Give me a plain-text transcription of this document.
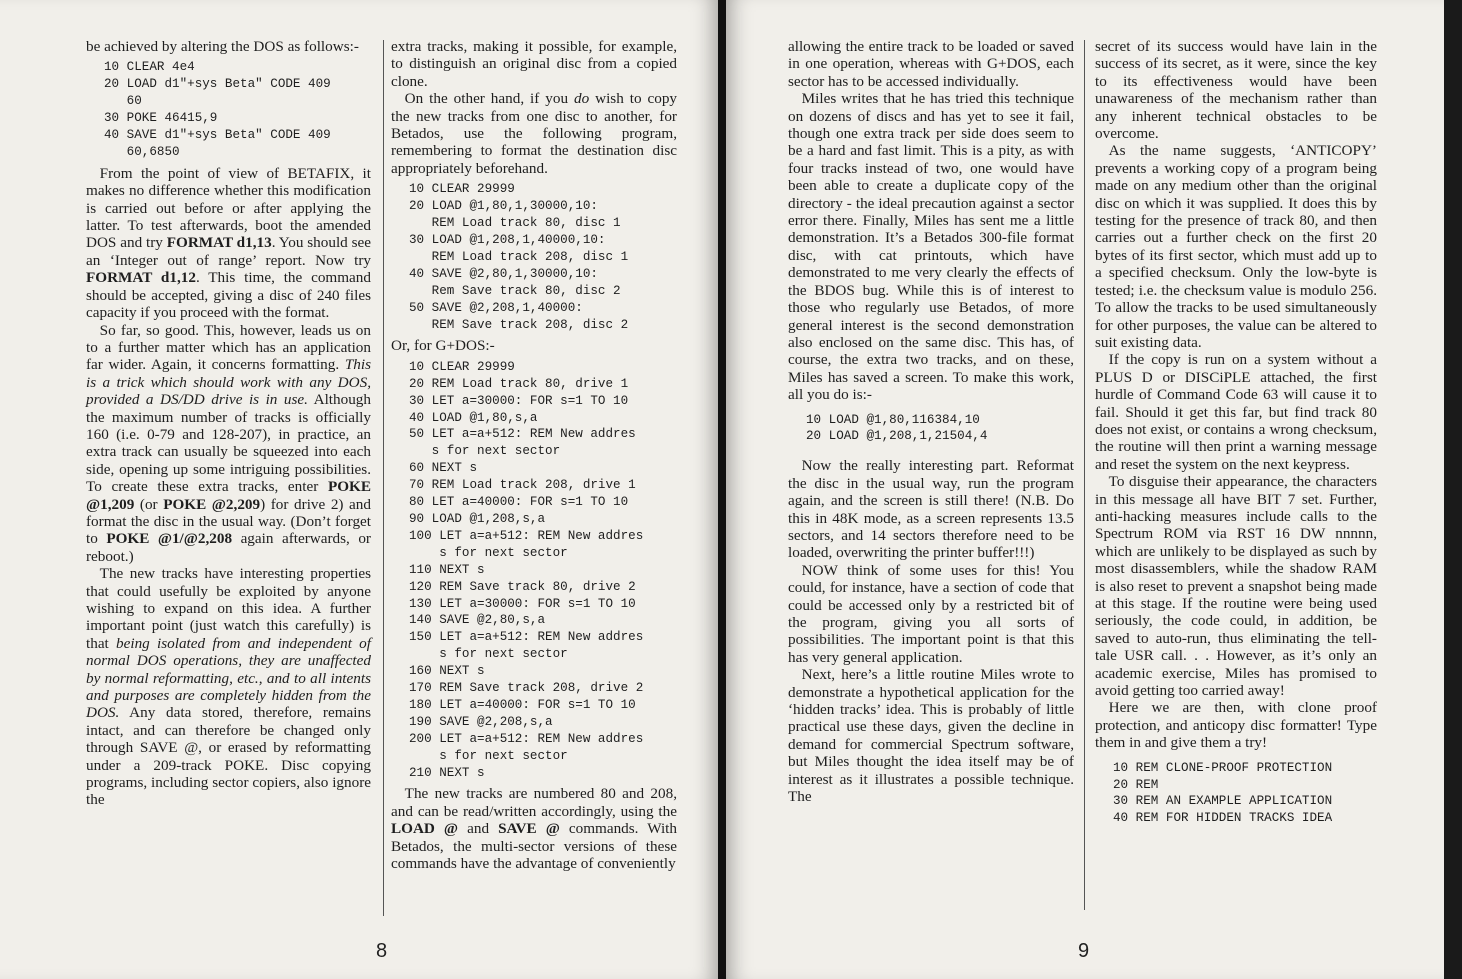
be achieved by altering the DOS as follows:-

10 CLEAR 4e4
20 LOAD d1"+sys Beta" CODE 409
60
30 POKE 46415,9
40 SAVE d1"+sys Beta" CODE 409
60,6850

From the point of view of BETAFIX, it makes no difference whether this modification is carried out before or after applying the latter. To test afterwards, boot the amended DOS and try FORMAT d1,13. You should see an ‘Integer out of range’ report. Now try FORMAT d1,12. This time, the command should be accepted, giving a disc of 240 files capacity if you proceed with the format.

So far, so good. This, however, leads us on to a further matter which has an application far wider. Again, it concerns formatting. This is a trick which should work with any DOS, provided a DS/DD drive is in use. Although the maximum number of tracks is officially 160 (i.e. 0-79 and 128-207), in practice, an extra track can usually be squeezed into each side, opening up some intriguing possibilities. To create these extra tracks, enter POKE @1,209 (or POKE @2,209) for drive 2) and format the disc in the usual way. (Don’t forget to POKE @1/@2,208 again afterwards, or reboot.)

The new tracks have interesting properties that could usefully be exploited by anyone wishing to expand on this idea. A further important point (just watch this carefully) is that being isolated from and independent of normal DOS operations, they are unaffected by normal reformatting, etc., and to all intents and purposes are completely hidden from the DOS. Any data stored, therefore, remains intact, and can therefore be changed only through SAVE @, or erased by reformatting under a 209-track POKE. Disc copying programs, including sector copiers, also ignore the

extra tracks, making it possible, for example, to distinguish an original disc from a copied clone.

On the other hand, if you do wish to copy the new tracks from one disc to another, for Betados, use the following program, remembering to format the destination disc appropriately beforehand.

10 CLEAR 29999
20 LOAD @1,80,1,30000,10:
REM Load track 80, disc 1
30 LOAD @1,208,1,40000,10:
REM Load track 208, disc 1
40 SAVE @2,80,1,30000,10:
Rem Save track 80, disc 2
50 SAVE @2,208,1,40000:
REM Save track 208, disc 2

Or, for G+DOS:-

10 CLEAR 29999
20 REM Load track 80, drive 1
30 LET a=30000: FOR s=1 TO 10
40 LOAD @1,80,s,a
50 LET a=a+512: REM New addres
s for next sector
60 NEXT s
70 REM Load track 208, drive 1
80 LET a=40000: FOR s=1 TO 10
90 LOAD @1,208,s,a
100 LET a=a+512: REM New addres
s for next sector
110 NEXT s
120 REM Save track 80, drive 2
130 LET a=30000: FOR s=1 TO 10
140 SAVE @2,80,s,a
150 LET a=a+512: REM New addres
s for next sector
160 NEXT s
170 REM Save track 208, drive 2
180 LET a=40000: FOR s=1 TO 10
190 SAVE @2,208,s,a
200 LET a=a+512: REM New addres
s for next sector
210 NEXT s

The new tracks are numbered 80 and 208, and can be read/written accordingly, using the LOAD @ and SAVE @ commands. With Betados, the multi-sector versions of these commands have the advantage of conveniently

8

allowing the entire track to be loaded or saved in one operation, whereas with G+DOS, each sector has to be accessed individually.

Miles writes that he has tried this technique on dozens of discs and has yet to see it fail, though one extra track per side does seem to be a hard and fast limit. This is a pity, as with four tracks instead of two, one would have been able to create a duplicate copy of the directory - the ideal precaution against a sector error there. Finally, Miles has sent me a little demonstration. It’s a Betados 300-file format disc, with cat printouts, which have demonstrated to me very clearly the effects of the BDOS bug. While this is of interest to those who regularly use Betados, of more general interest is the second demonstration also enclosed on the same disc. This has, of course, the extra two tracks, and on these, Miles has saved a screen. To make this work, all you do is:-

10 LOAD @1,80,116384,10
20 LOAD @1,208,1,21504,4

Now the really interesting part. Reformat the disc in the usual way, run the program again, and the screen is still there! (N.B. Do this in 48K mode, as a screen represents 13.5 sectors, and 14 sectors therefore need to be loaded, overwriting the printer buffer!!!)

NOW think of some uses for this! You could, for instance, have a section of code that could be accessed only by a restricted bit of the program, giving you all sorts of possibilities. The important point is that this has very general application.

Next, here’s a little routine Miles wrote to demonstrate a hypothetical application for the ‘hidden tracks’ idea. This is probably of little practical use these days, given the decline in demand for commercial Spectrum software, but Miles thought the idea itself may be of interest as it illustrates a possible technique. The

secret of its success would have lain in the success of its secret, as it were, since the key to its effectiveness would have been unawareness of the mechanism rather than any inherent technical obstacles to be overcome.

As the name suggests, ‘ANTICOPY’ prevents a working copy of a program being made on any medium other than the original disc on which it was supplied. It does this by testing for the presence of track 80, and then carries out a further check on the first 20 bytes of its first sector, which must add up to a specified checksum. Only the low-byte is tested; i.e. the checksum value is modulo 256. To allow the tracks to be used simultaneously for other purposes, the value can be altered to suit existing data.

If the copy is run on a system without a PLUS D or DISCiPLE attached, the first hurdle of Command Code 63 will cause it to fail. Should it get this far, but find track 80 does not exist, or contains a wrong checksum, the routine will then print a warning message and reset the system on the next keypress.

To disguise their appearance, the characters in this message all have BIT 7 set. Further, anti-hacking measures include calls to the Spectrum ROM via RST 16 DW nnnnn, which are unlikely to be displayed as such by most disassemblers, while the shadow RAM is also reset to prevent a snapshot being made at this stage. If the routine were being used seriously, the code could, in addition, be saved to auto-run, thus eliminating the tell-tale USR call. . . However, as it’s only an academic exercise, Miles has promised to avoid getting too carried away!

Here we are then, with clone proof protection, and anticopy disc formatter! Type them in and give them a try!

10 REM CLONE-PROOF PROTECTION
20 REM
30 REM AN EXAMPLE APPLICATION
40 REM FOR HIDDEN TRACKS IDEA
9
